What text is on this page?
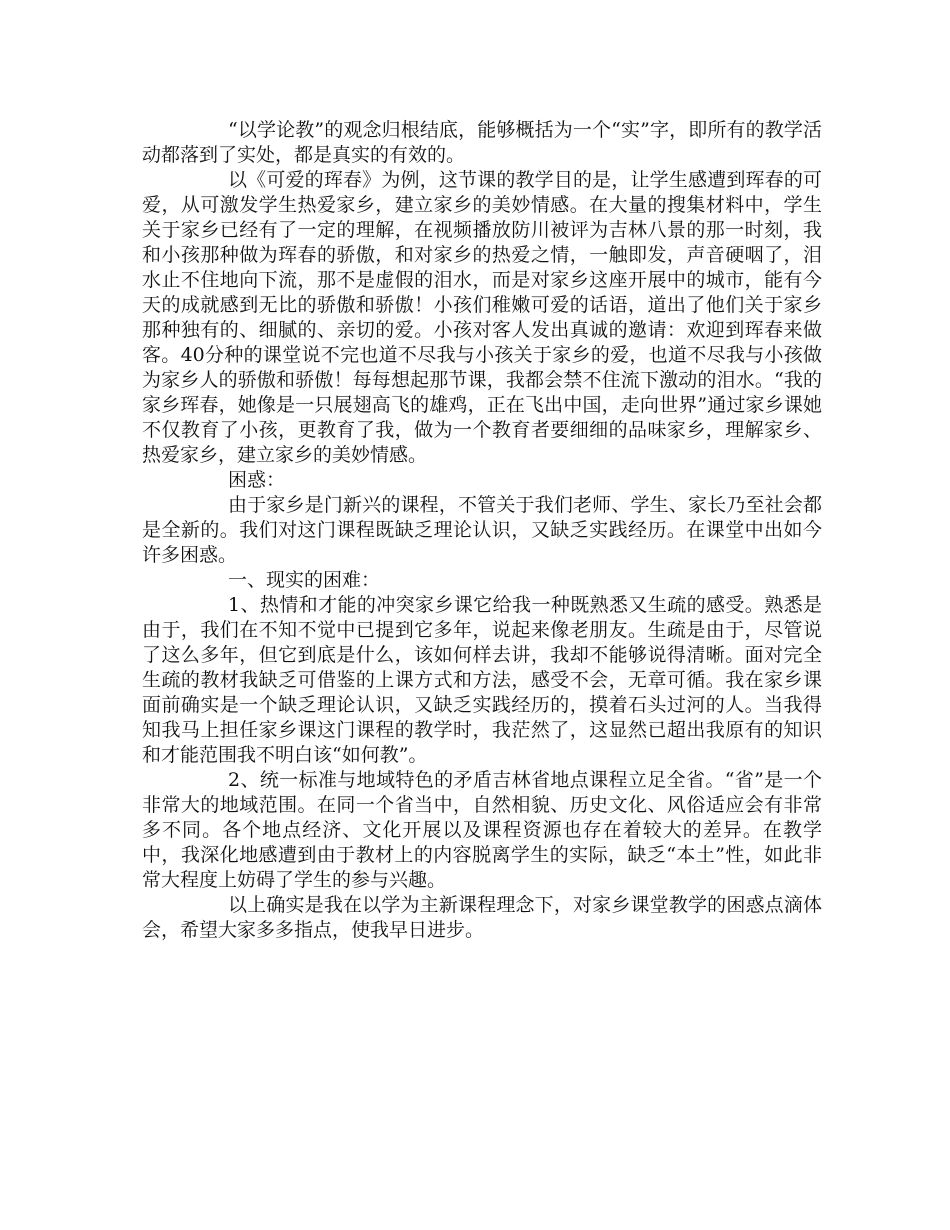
“以学论教”的观念归根结底，能够概括为一个“实”字，即所有的教学活动都落到了实处，都是真实的有效的。

以《可爱的珲春》为例，这节课的教学目的是，让学生感遭到珲春的可爱，从可激发学生热爱家乡，建立家乡的美妙情感。在大量的搜集材料中，学生关于家乡已经有了一定的理解，在视频播放防川被评为吉林八景的那一时刻，我和小孩那种做为珲春的骄傲，和对家乡的热爱之情，一触即发，声音硬咽了，泪水止不住地向下流，那不是虚假的泪水，而是对家乡这座开展中的城市，能有今天的成就感到无比的骄傲和骄傲！小孩们稚嫩可爱的话语，道出了他们关于家乡那种独有的、细腻的、亲切的爱。小孩对客人发出真诚的邀请：欢迎到珲春来做客。40分种的课堂说不完也道不尽我与小孩关于家乡的爱，也道不尽我与小孩做为家乡人的骄傲和骄傲！每每想起那节课，我都会禁不住流下激动的泪水。“我的家乡珲春，她像是一只展翅高飞的雄鸡，正在飞出中国，走向世界”通过家乡课她不仅教育了小孩，更教育了我，做为一个教育者要细细的品味家乡，理解家乡、热爱家乡，建立家乡的美妙情感。

困惑：

由于家乡是门新兴的课程，不管关于我们老师、学生、家长乃至社会都是全新的。我们对这门课程既缺乏理论认识，又缺乏实践经历。在课堂中出如今许多困惑。

一、现实的困难：

1、热情和才能的冲突家乡课它给我一种既熟悉又生疏的感受。熟悉是由于，我们在不知不觉中已提到它多年，说起来像老朋友。生疏是由于，尽管说了这么多年，但它到底是什么，该如何样去讲，我却不能够说得清晰。面对完全生疏的教材我缺乏可借鉴的上课方式和方法，感受不会，无章可循。我在家乡课面前确实是一个缺乏理论认识，又缺乏实践经历的，摸着石头过河的人。当我得知我马上担任家乡课这门课程的教学时，我茫然了，这显然已超出我原有的知识和才能范围我不明白该“如何教”。

2、统一标准与地域特色的矛盾吉林省地点课程立足全省。“省”是一个非常大的地域范围。在同一个省当中，自然相貌、历史文化、风俗适应会有非常多不同。各个地点经济、文化开展以及课程资源也存在着较大的差异。在教学中，我深化地感遭到由于教材上的内容脱离学生的实际，缺乏“本土”性，如此非常大程度上妨碍了学生的参与兴趣。

以上确实是我在以学为主新课程理念下，对家乡课堂教学的困惑点滴体会，希望大家多多指点，使我早日进步。
